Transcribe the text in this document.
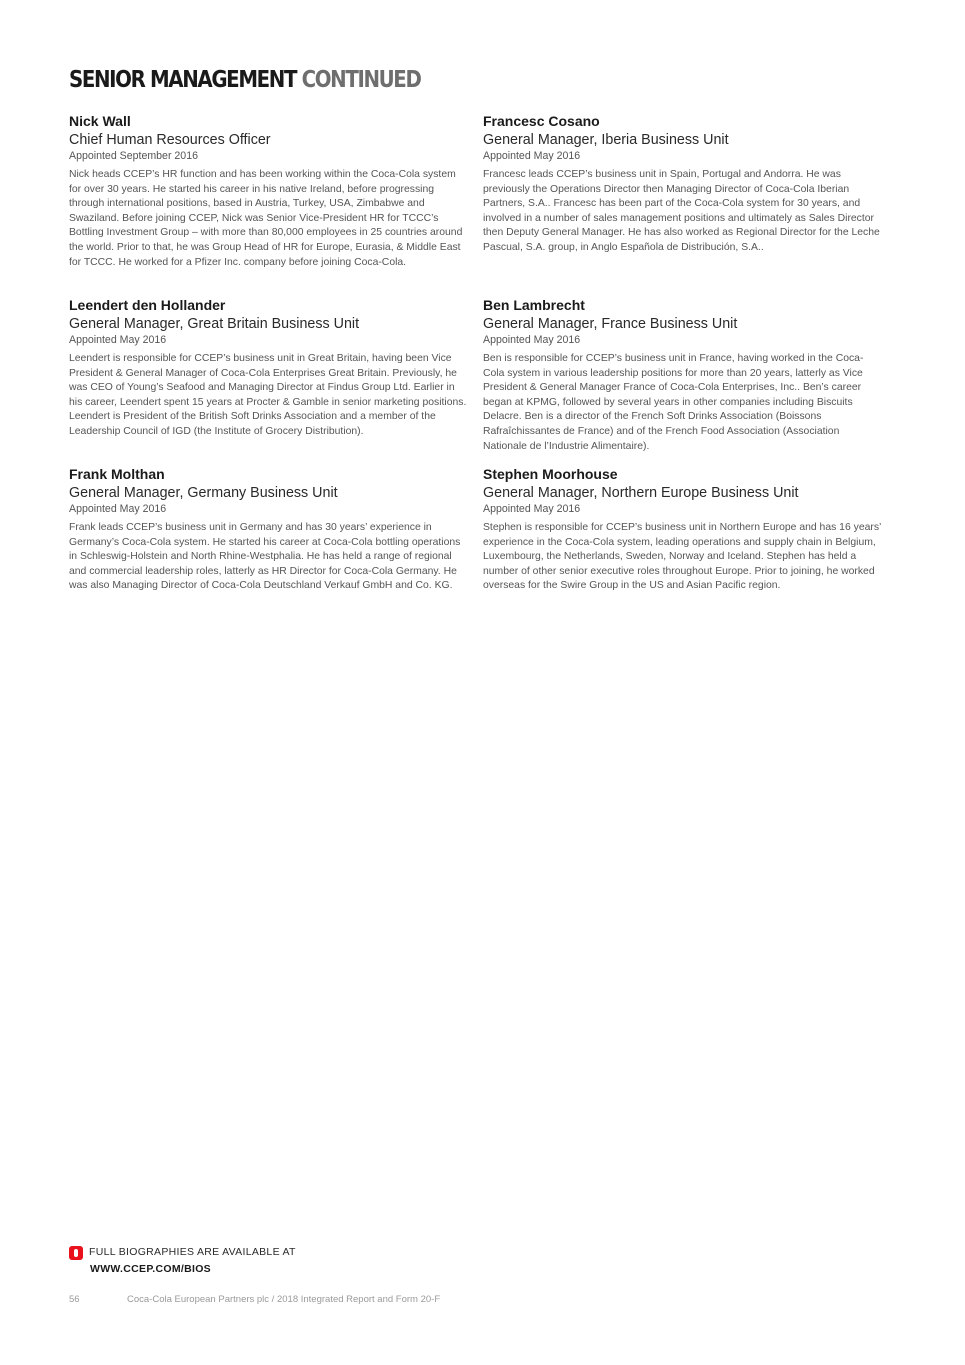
SENIOR MANAGEMENT CONTINUED

Nick Wall

Chief Human Resources Officer

Appointed September 2016

Nick heads CCEP’s HR function and has been working within the Coca-Cola system for over 30 years. He started his career in his native Ireland, before progressing through international positions, based in Austria, Turkey, USA, Zimbabwe and Swaziland. Before joining CCEP, Nick was Senior Vice-President HR for TCCC’s Bottling Investment Group – with more than 80,000 employees in 25 countries around the world. Prior to that, he was Group Head of HR for Europe, Eurasia, & Middle East for TCCC. He worked for a Pfizer Inc. company before joining Coca-Cola.

Francesc Cosano

General Manager, Iberia Business Unit

Appointed May 2016

Francesc leads CCEP’s business unit in Spain, Portugal and Andorra. He was previously the Operations Director then Managing Director of Coca-Cola Iberian Partners, S.A.. Francesc has been part of the Coca-Cola system for 30 years, and involved in a number of sales management positions and ultimately as Sales Director then Deputy General Manager. He has also worked as Regional Director for the Leche Pascual, S.A. group, in Anglo Española de Distribución, S.A..

Leendert den Hollander

General Manager, Great Britain Business Unit

Appointed May 2016

Leendert is responsible for CCEP’s business unit in Great Britain, having been Vice President & General Manager of Coca-Cola Enterprises Great Britain. Previously, he was CEO of Young’s Seafood and Managing Director at Findus Group Ltd. Earlier in his career, Leendert spent 15 years at Procter & Gamble in senior marketing positions. Leendert is President of the British Soft Drinks Association and a member of the Leadership Council of IGD (the Institute of Grocery Distribution).

Ben Lambrecht

General Manager, France Business Unit

Appointed May 2016

Ben is responsible for CCEP’s business unit in France, having worked in the Coca-Cola system in various leadership positions for more than 20 years, latterly as Vice President & General Manager France of Coca-Cola Enterprises, Inc.. Ben’s career began at KPMG, followed by several years in other companies including Biscuits Delacre. Ben is a director of the French Soft Drinks Association (Boissons Rafraîchissantes de France) and of the French Food Association (Association Nationale de l’Industrie Alimentaire).

Frank Molthan

General Manager, Germany Business Unit

Appointed May 2016

Frank leads CCEP’s business unit in Germany and has 30 years’ experience in Germany’s Coca-Cola system. He started his career at Coca-Cola bottling operations in Schleswig-Holstein and North Rhine-Westphalia. He has held a range of regional and commercial leadership roles, latterly as HR Director for Coca-Cola Germany. He was also Managing Director of Coca-Cola Deutschland Verkauf GmbH and Co. KG.

Stephen Moorhouse

General Manager, Northern Europe Business Unit

Appointed May 2016

Stephen is responsible for CCEP’s business unit in Northern Europe and has 16 years’ experience in the Coca-Cola system, leading operations and supply chain in Belgium, Luxembourg, the Netherlands, Sweden, Norway and Iceland. Stephen has held a number of other senior executive roles throughout Europe. Prior to joining, he worked overseas for the Swire Group in the US and Asian Pacific region.

FULL BIOGRAPHIES ARE AVAILABLE AT
WWW.CCEP.COM/BIOS
56	Coca-Cola European Partners plc / 2018 Integrated Report and Form 20-F
